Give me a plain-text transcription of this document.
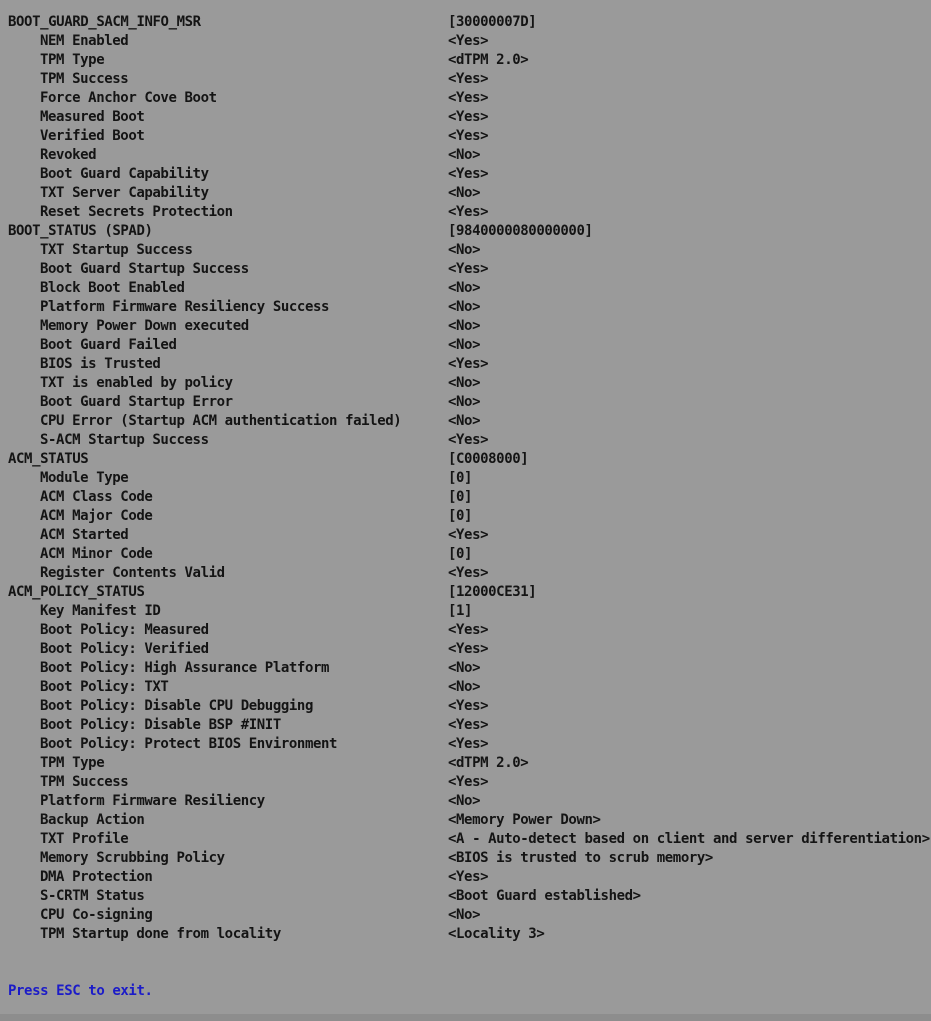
BOOT_GUARD_SACM_INFO_MSR	[30000007D]
NEM Enabled	<Yes>
TPM Type	<dTPM 2.0>
TPM Success	<Yes>
Force Anchor Cove Boot	<Yes>
Measured Boot	<Yes>
Verified Boot	<Yes>
Revoked	<No>
Boot Guard Capability	<Yes>
TXT Server Capability	<No>
Reset Secrets Protection	<Yes>
BOOT_STATUS (SPAD)	[9840000080000000]
TXT Startup Success	<No>
Boot Guard Startup Success	<Yes>
Block Boot Enabled	<No>
Platform Firmware Resiliency Success	<No>
Memory Power Down executed	<No>
Boot Guard Failed	<No>
BIOS is Trusted	<Yes>
TXT is enabled by policy	<No>
Boot Guard Startup Error	<No>
CPU Error (Startup ACM authentication failed)	<No>
S-ACM Startup Success	<Yes>
ACM_STATUS	[C0008000]
Module Type	[0]
ACM Class Code	[0]
ACM Major Code	[0]
ACM Started	<Yes>
ACM Minor Code	[0]
Register Contents Valid	<Yes>
ACM_POLICY_STATUS	[12000CE31]
Key Manifest ID	[1]
Boot Policy: Measured	<Yes>
Boot Policy: Verified	<Yes>
Boot Policy: High Assurance Platform	<No>
Boot Policy: TXT	<No>
Boot Policy: Disable CPU Debugging	<Yes>
Boot Policy: Disable BSP #INIT	<Yes>
Boot Policy: Protect BIOS Environment	<Yes>
TPM Type	<dTPM 2.0>
TPM Success	<Yes>
Platform Firmware Resiliency	<No>
Backup Action	<Memory Power Down>
TXT Profile	<A - Auto-detect based on client and server differentiation>
Memory Scrubbing Policy	<BIOS is trusted to scrub memory>
DMA Protection	<Yes>
S-CRTM Status	<Boot Guard established>
CPU Co-signing	<No>
TPM Startup done from locality	<Locality 3>
Press ESC to exit.
